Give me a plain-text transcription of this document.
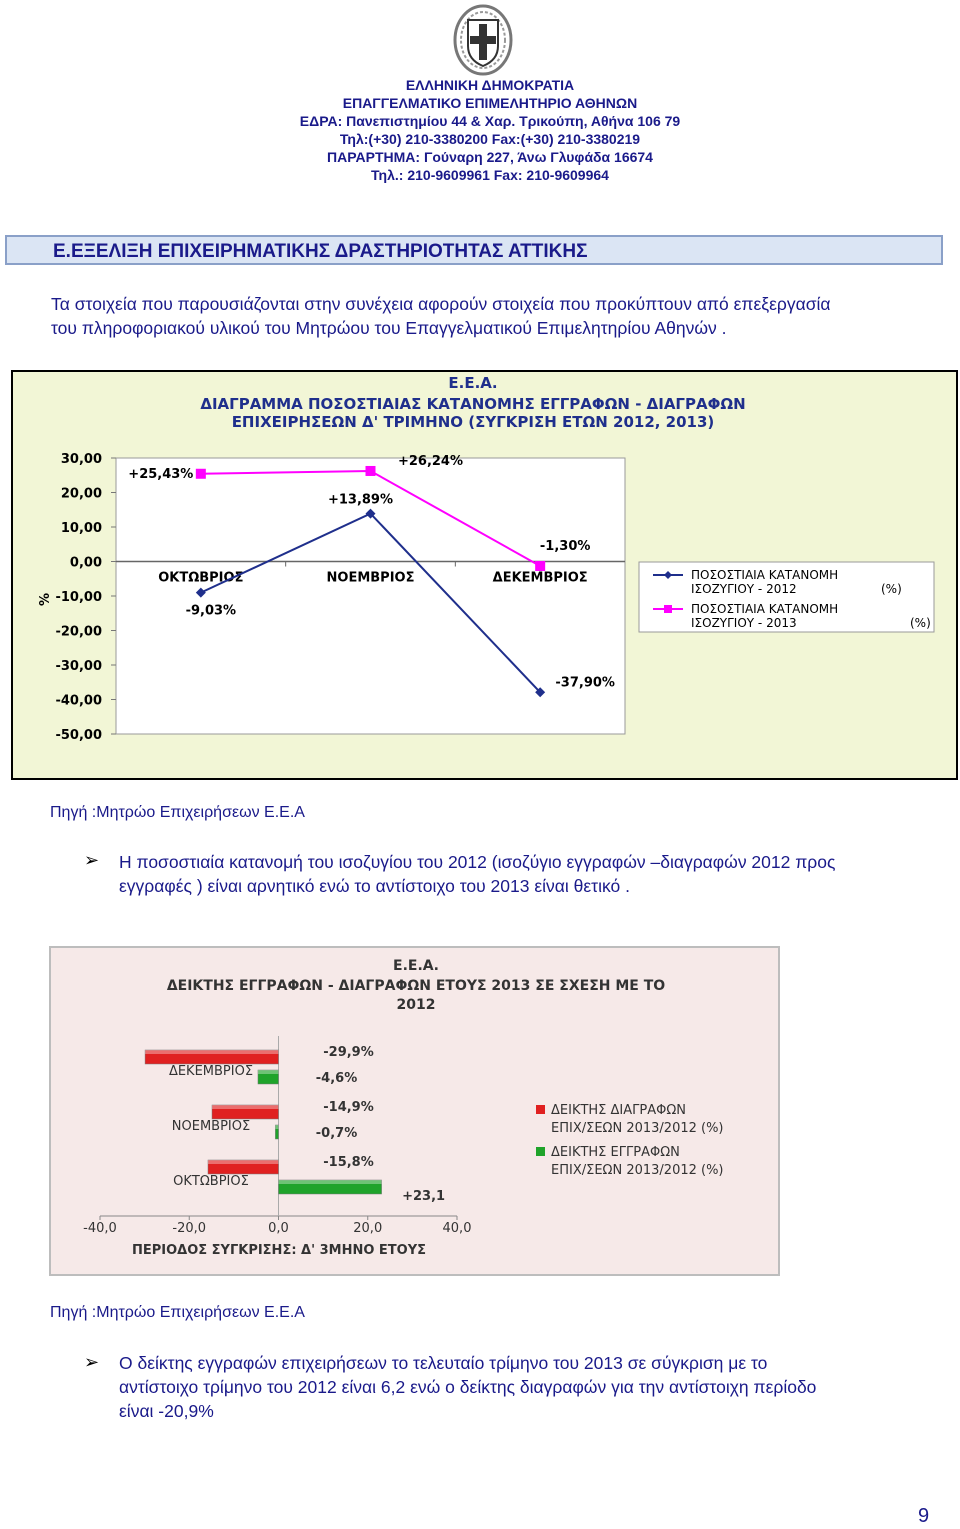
ΕΛΛΗΝΙΚΗ ΔΗΜΟΚΡΑΤΙΑ
ΕΠΑΓΓΕΛΜΑΤΙΚΟ ΕΠΙΜΕΛΗΤΗΡΙΟ ΑΘΗΝΩΝ
ΕΔΡΑ: Πανεπιστημίου 44 & Χαρ. Τρικούπη, Αθήνα 106 79
Τηλ:(+30) 210-3380200 Fax:(+30) 210-3380219
ΠΑΡΑΡΤΗΜΑ: Γούναρη 227, Άνω Γλυφάδα 16674
Τηλ.: 210-9609961 Fax: 210-9609964
Ε.ΕΞΕΛΙΞΗ ΕΠΙΧΕΙΡΗΜΑΤΙΚΗΣ ΔΡΑΣΤΗΡΙΟΤΗΤΑΣ ΑΤΤΙΚΗΣ
Τα στοιχεία που παρουσιάζονται στην συνέχεια αφορούν στοιχεία που προκύπτουν από επεξεργασία
του πληροφοριακού υλικού του Μητρώου του Επαγγελματικού Επιμελητηρίου Αθηνών .
Ε.Ε.Α.
ΔΙΑΓΡΑΜΜΑ ΠΟΣΟΣΤΙΑΙΑΣ ΚΑΤΑΝΟΜΗΣ ΕΓΓΡΑΦΩΝ - ΔΙΑΓΡΑΦΩΝ
ΕΠΙΧΕΙΡΗΣΕΩΝ Δ' ΤΡΙΜΗΝΟ (ΣΥΓΚΡΙΣΗ ΕΤΩΝ 2012, 2013)
30,00
20,00
10,00
0,00
-10,00
-20,00
-30,00
-40,00
-50,00
%
ΟΚΤΩΒΡΙΟΣ	ΝΟΕΜΒΡΙΟΣ	ΔΕΚΕΜΒΡΙΟΣ
-9,03%
+13,89%
-37,90%
+25,43%
+26,24%
-1,30%
ΠΟΣΟΣΤΙΑΙΑ ΚΑΤΑΝΟΜΗ
ΙΣΟΖΥΓΙΟΥ - 2012	(%)
ΠΟΣΟΣΤΙΑΙΑ ΚΑΤΑΝΟΜΗ
ΙΣΟΖΥΓΙΟΥ - 2013	(%)
Πηγή :Μητρώο Επιχειρήσεων Ε.Ε.Α
➢ Η ποσοστιαία κατανομή του ισοζυγίου του 2012 (ισοζύγιο εγγραφών –διαγραφών 2012 προς
εγγραφές ) είναι αρνητικό ενώ το αντίστοιχο του 2013 είναι θετικό .
Ε.Ε.Α.
ΔΕΙΚΤΗΣ ΕΓΓΡΑΦΩΝ - ΔΙΑΓΡΑΦΩΝ ΕΤΟΥΣ 2013 ΣΕ ΣΧΕΣΗ ΜΕ ΤΟ
2012
-40,0	-20,0	0,0	20,0	40,0
ΠΕΡΙΟΔΟΣ ΣΥΓΚΡΙΣΗΣ: Δ' 3ΜΗΝΟ ΕΤΟΥΣ
ΔΕΚΕΜΒΡΙΟΣ
-29,9%
-4,6%
ΝΟΕΜΒΡΙΟΣ
-14,9%
-0,7%
ΟΚΤΩΒΡΙΟΣ
-15,8%
+23,1
ΔΕΙΚΤΗΣ ΔΙΑΓΡΑΦΩΝ
ΕΠΙΧ/ΣΕΩΝ 2013/2012 (%)
ΔΕΙΚΤΗΣ ΕΓΓΡΑΦΩΝ
ΕΠΙΧ/ΣΕΩΝ 2013/2012 (%)
Πηγή :Μητρώο Επιχειρήσεων Ε.Ε.Α
➢ Ο δείκτης εγγραφών επιχειρήσεων το τελευταίο τρίμηνο του 2013 σε σύγκριση με το
αντίστοιχο τρίμηνο του 2012 είναι 6,2 ενώ ο δείκτης διαγραφών για την αντίστοιχη περίοδο
είναι -20,9%
9
